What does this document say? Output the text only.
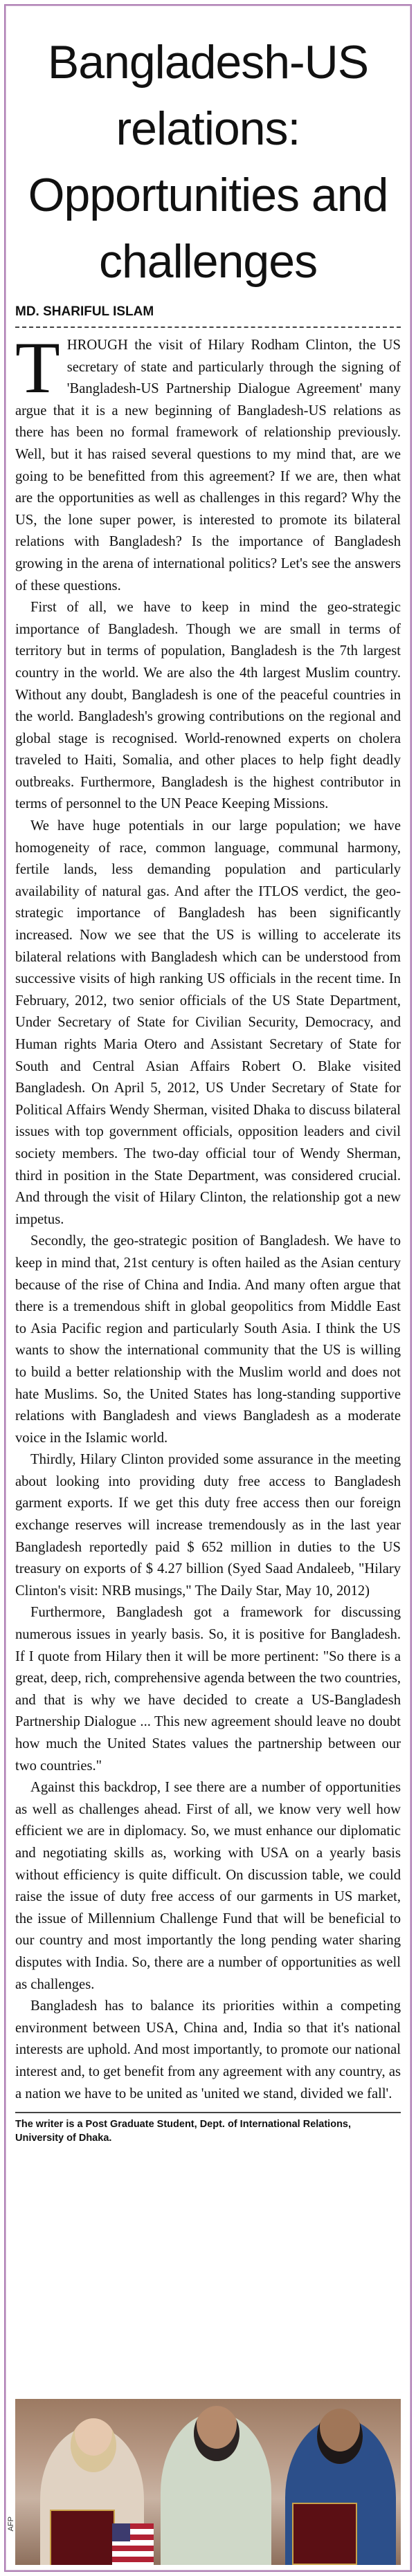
Bangladesh-US relations: Opportunities and challenges
MD. SHARIFUL ISLAM

THROUGH the visit of Hilary Rodham Clinton, the US secretary of state and particularly through the signing of 'Bangladesh-US Partnership Dialogue Agreement' many argue that it is a new beginning of Bangladesh-US relations as there has been no formal framework of relationship previously. Well, but it has raised several questions to my mind that, are we going to be benefitted from this agreement? If we are, then what are the opportunities as well as challenges in this regard? Why the US, the lone super power, is interested to promote its bilateral relations with Bangladesh? Is the importance of Bangladesh growing in the arena of international politics? Let's see the answers of these questions.

First of all, we have to keep in mind the geo-strategic importance of Bangladesh. Though we are small in terms of territory but in terms of population, Bangladesh is the 7th largest country in the world. We are also the 4th largest Muslim country. Without any doubt, Bangladesh is one of the peaceful countries in the world. Bangladesh's growing contributions on the regional and global stage is recognised. World-renowned experts on cholera traveled to Haiti, Somalia, and other places to help fight deadly outbreaks. Furthermore, Bangladesh is the highest contributor in terms of personnel to the UN Peace Keeping Missions.

We have huge potentials in our large population; we have homogeneity of race, common language, communal harmony, fertile lands, less demanding population and particularly availability of natural gas. And after the ITLOS verdict, the geo-strategic importance of Bangladesh has been significantly increased. Now we see that the US is willing to accelerate its bilateral relations with Bangladesh which can be understood from successive visits of high ranking US officials in the recent time. In February, 2012, two senior officials of the US State Department, Under Secretary of State for Civilian Security, Democracy, and Human rights Maria Otero and Assistant Secretary of State for South and Central Asian Affairs Robert O. Blake visited Bangladesh. On April 5, 2012, US Under Secretary of State for Political Affairs Wendy Sherman, visited Dhaka to discuss bilateral issues with top government officials, opposition leaders and civil society members. The two-day official tour of Wendy Sherman, third in position in the State Department, was considered crucial. And through the visit of Hilary Clinton, the relationship got a new impetus.

Secondly, the geo-strategic position of Bangladesh. We have to keep in mind that, 21st century is often hailed as the Asian century because of the rise of China and India. And many often argue that there is a tremendous shift in global geopolitics from Middle East to Asia Pacific region and particularly South Asia. I think the US wants to show the international community that the US is willing to build a better relationship with the Muslim world and does not hate Muslims. So, the United States has long-standing supportive relations with Bangladesh and views Bangladesh as a moderate voice in the Islamic world.

Thirdly, Hilary Clinton provided some assurance in the meeting about looking into providing duty free access to Bangladesh garment exports. If we get this duty free access then our foreign exchange reserves will increase tremendously as in the last year Bangladesh reportedly paid $ 652 million in duties to the US treasury on exports of $ 4.27 billion (Syed Saad Andaleeb, "Hilary Clinton's visit: NRB musings," The Daily Star, May 10, 2012)

Furthermore, Bangladesh got a framework for discussing numerous issues in yearly basis. So, it is positive for Bangladesh. If I quote from Hilary then it will be more pertinent: "So there is a great, deep, rich, comprehensive agenda between the two countries, and that is why we have decided to create a US-Bangladesh Partnership Dialogue ... This new agreement should leave no doubt how much the United States values the partnership between our two countries."

Against this backdrop, I see there are a number of opportunities as well as challenges ahead. First of all, we know very well how efficient we are in diplomacy. So, we must enhance our diplomatic and negotiating skills as, working with USA on a yearly basis without efficiency is quite difficult. On discussion table, we could raise the issue of duty free access of our garments in US market, the issue of Millennium Challenge Fund that will be beneficial to our country and most importantly the long pending water sharing disputes with India. So, there are a number of opportunities as well as challenges.

Bangladesh has to balance its priorities within a competing environment between USA, China and, India so that it's national interests are uphold. And most importantly, to promote our national interest and, to get benefit from any agreement with any country, as a nation we have to be united as 'united we stand, divided we fall'.

The writer is a Post Graduate Student, Dept. of International Relations, University of Dhaka.
AFP
